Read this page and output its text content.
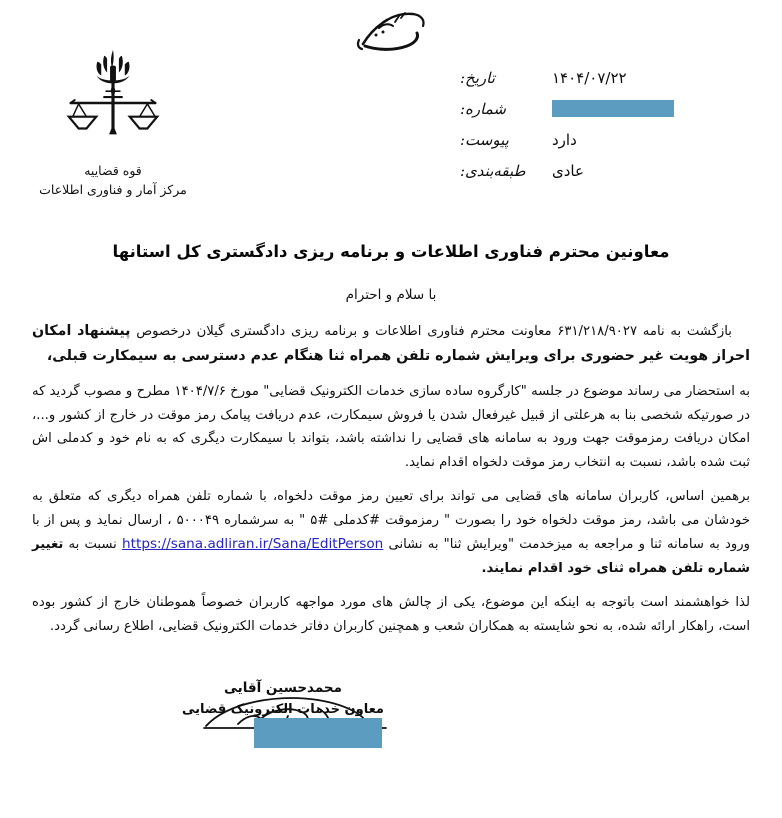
تاریخ:	۱۴۰۴/۰۷/۲۲
شماره:
پیوست:	دارد
طبقه‌بندی:	عادی
قوه قضاییه
مرکز آمار و فناوری اطلاعات
معاونین محترم فناوری اطلاعات و برنامه ریزی دادگستری کل استانها
با سلام و احترام

بازگشت به نامه ۶۳۱/۲۱۸/۹۰۲۷ معاونت محترم فناوری اطلاعات و برنامه ریزی دادگستری گیلان درخصوص پیشنهاد امکان احراز هویت غیر حضوری برای ویرایش شماره تلفن همراه ثنا هنگام عدم دسترسی به سیمکارت قبلی،

به استحضار می رساند موضوع در جلسه "کارگروه ساده سازی خدمات الکترونیک قضایی" مورخ ۱۴۰۴/۷/۶ مطرح و مصوب گردید که در صورتیکه شخصی بنا به هرعلتی از قبیل غیرفعال شدن یا فروش سیمکارت، عدم دریافت پیامک رمز موقت در خارج از کشور و...، امکان دریافت رمزموقت جهت ورود به سامانه های قضایی را نداشته باشد، بتواند با سیمکارت دیگری که به نام خود و کدملی اش ثبت شده باشد، نسبت به انتخاب رمز موقت دلخواه اقدام نماید.

برهمین اساس، کاربران سامانه های قضایی می تواند برای تعیین رمز موقت دلخواه، با شماره تلفن همراه دیگری که متعلق به خودشان می باشد، رمز موقت دلخواه خود را بصورت " رمزموقت #کدملی #۵ " به سرشماره ۵۰۰۰۴۹ ، ارسال نماید و پس از با ورود به سامانه ثنا و مراجعه به میزخدمت "ویرایش ثنا" به نشانی https://sana.adliran.ir/Sana/EditPerson نسبت به تغییر شماره تلفن همراه ثنای خود اقدام نمایند.

لذا خواهشمند است باتوجه به اینکه این موضوع، یکی از چالش های مورد مواجهه کاربران خصوصاً هموطنان خارج از کشور بوده است، راهکار ارائه شده، به نحو شایسته به همکاران شعب و همچنین کاربران دفاتر خدمات الکترونیک قضایی، اطلاع رسانی گردد.

محمدحسین آقایی
معاون خدمات الکترونیک قضایی
